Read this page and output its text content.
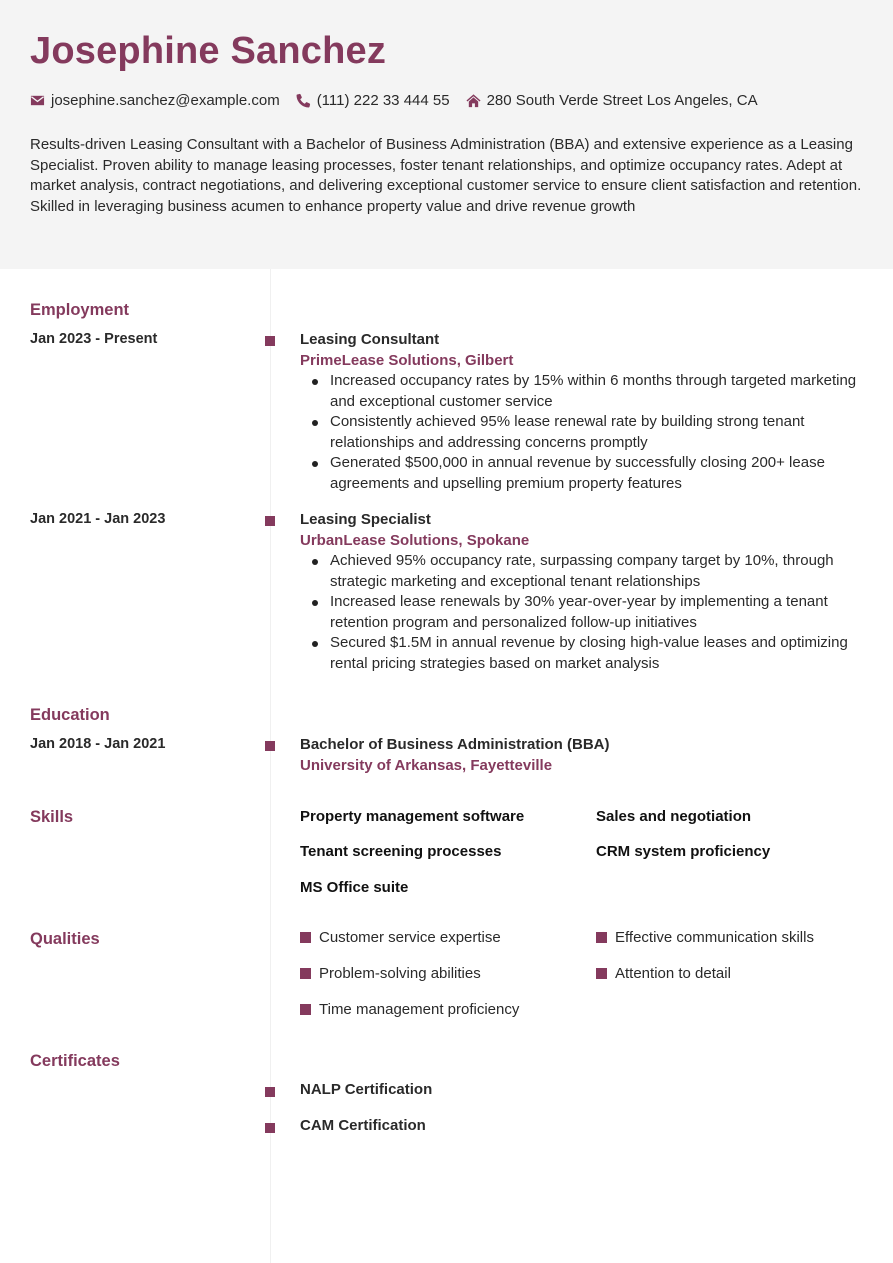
Josephine Sanchez
josephine.sanchez@example.com (111) 222 33 444 55 280 South Verde Street Los Angeles, CA
Results-driven Leasing Consultant with a Bachelor of Business Administration (BBA) and extensive experience as a Leasing Specialist. Proven ability to manage leasing processes, foster tenant relationships, and optimize occupancy rates. Adept at market analysis, contract negotiations, and delivering exceptional customer service to ensure client satisfaction and retention. Skilled in leveraging business acumen to enhance property value and drive revenue growth
Employment
Jan 2023 - Present	Leasing Consultant
PrimeLease Solutions, Gilbert
Increased occupancy rates by 15% within 6 months through targeted marketing and exceptional customer service
Consistently achieved 95% lease renewal rate by building strong tenant relationships and addressing concerns promptly
Generated $500,000 in annual revenue by successfully closing 200+ lease agreements and upselling premium property features
Jan 2021 - Jan 2023	Leasing Specialist
UrbanLease Solutions, Spokane
Achieved 95% occupancy rate, surpassing company target by 10%, through strategic marketing and exceptional tenant relationships
Increased lease renewals by 30% year-over-year by implementing a tenant retention program and personalized follow-up initiatives
Secured $1.5M in annual revenue by closing high-value leases and optimizing rental pricing strategies based on market analysis
Education
Jan 2018 - Jan 2021	Bachelor of Business Administration (BBA)
University of Arkansas, Fayetteville
Skills	Property management software	Sales and negotiation
Tenant screening processes	CRM system proficiency
MS Office suite
Qualities	Customer service expertise	Effective communication skills
Problem-solving abilities	Attention to detail
Time management proficiency
Certificates
NALP Certification
CAM Certification
